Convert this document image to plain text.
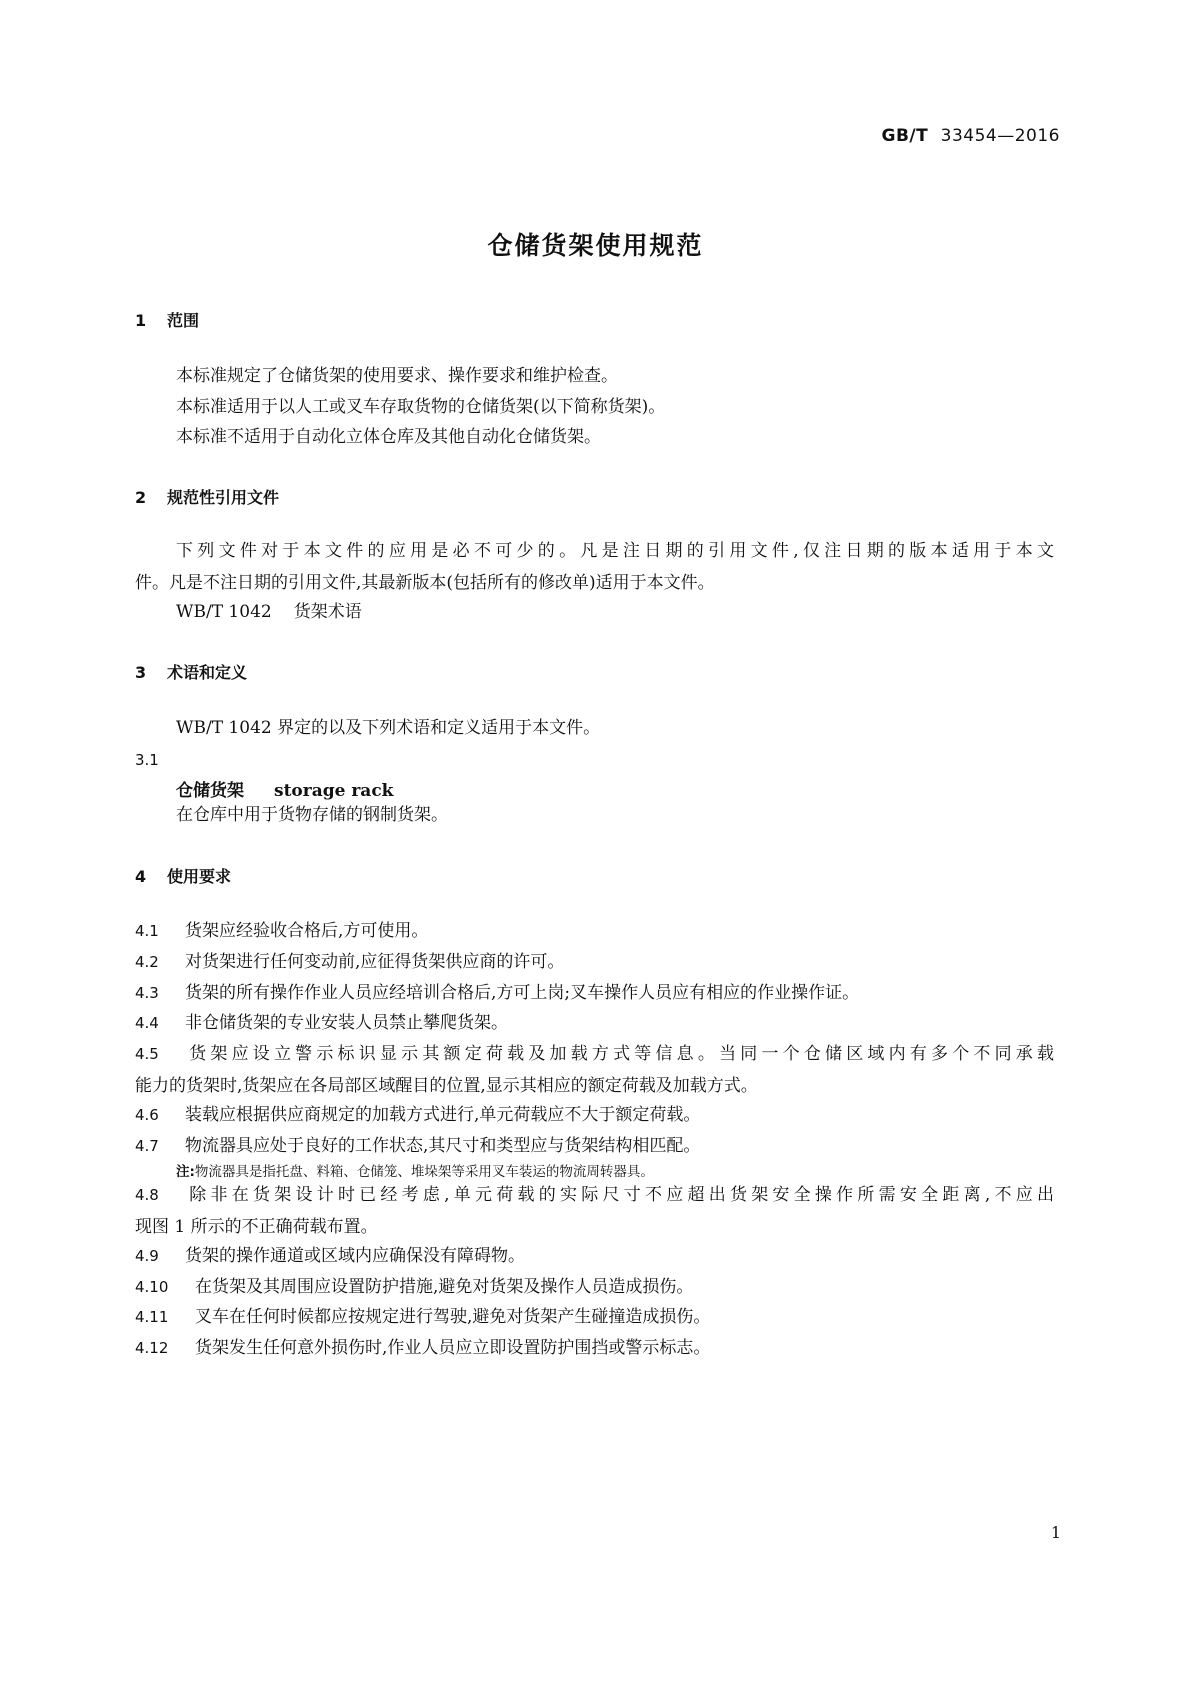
GB/T 33454—2016
仓储货架使用规范
1 范围
本标准规定了仓储货架的使用要求、操作要求和维护检查。
本标准适用于以人工或叉车存取货物的仓储货架(以下简称货架)。
本标准不适用于自动化立体仓库及其他自动化仓储货架。
2 规范性引用文件
下列文件对于本文件的应用是必不可少的。凡是注日期的引用文件,仅注日期的版本适用于本文
件。凡是不注日期的引用文件,其最新版本(包括所有的修改单)适用于本文件。
WB/T 1042 货架术语
3 术语和定义
WB/T 1042 界定的以及下列术语和定义适用于本文件。
3.1
仓储货架 storage rack
在仓库中用于货物存储的钢制货架。
4 使用要求
4.1 货架应经验收合格后,方可使用。
4.2 对货架进行任何变动前,应征得货架供应商的许可。
4.3 货架的所有操作作业人员应经培训合格后,方可上岗;叉车操作人员应有相应的作业操作证。
4.4 非仓储货架的专业安装人员禁止攀爬货架。
4.5 货架应设立警示标识显示其额定荷载及加载方式等信息。当同一个仓储区域内有多个不同承载
能力的货架时,货架应在各局部区域醒目的位置,显示其相应的额定荷载及加载方式。
4.6 装载应根据供应商规定的加载方式进行,单元荷载应不大于额定荷载。
4.7 物流器具应处于良好的工作状态,其尺寸和类型应与货架结构相匹配。
注:物流器具是指托盘、料箱、仓储笼、堆垛架等采用叉车装运的物流周转器具。
4.8 除非在货架设计时已经考虑,单元荷载的实际尺寸不应超出货架安全操作所需安全距离,不应出
现图 1 所示的不正确荷载布置。
4.9 货架的操作通道或区域内应确保没有障碍物。
4.10 在货架及其周围应设置防护措施,避免对货架及操作人员造成损伤。
4.11 叉车在任何时候都应按规定进行驾驶,避免对货架产生碰撞造成损伤。
4.12 货架发生任何意外损伤时,作业人员应立即设置防护围挡或警示标志。
1
